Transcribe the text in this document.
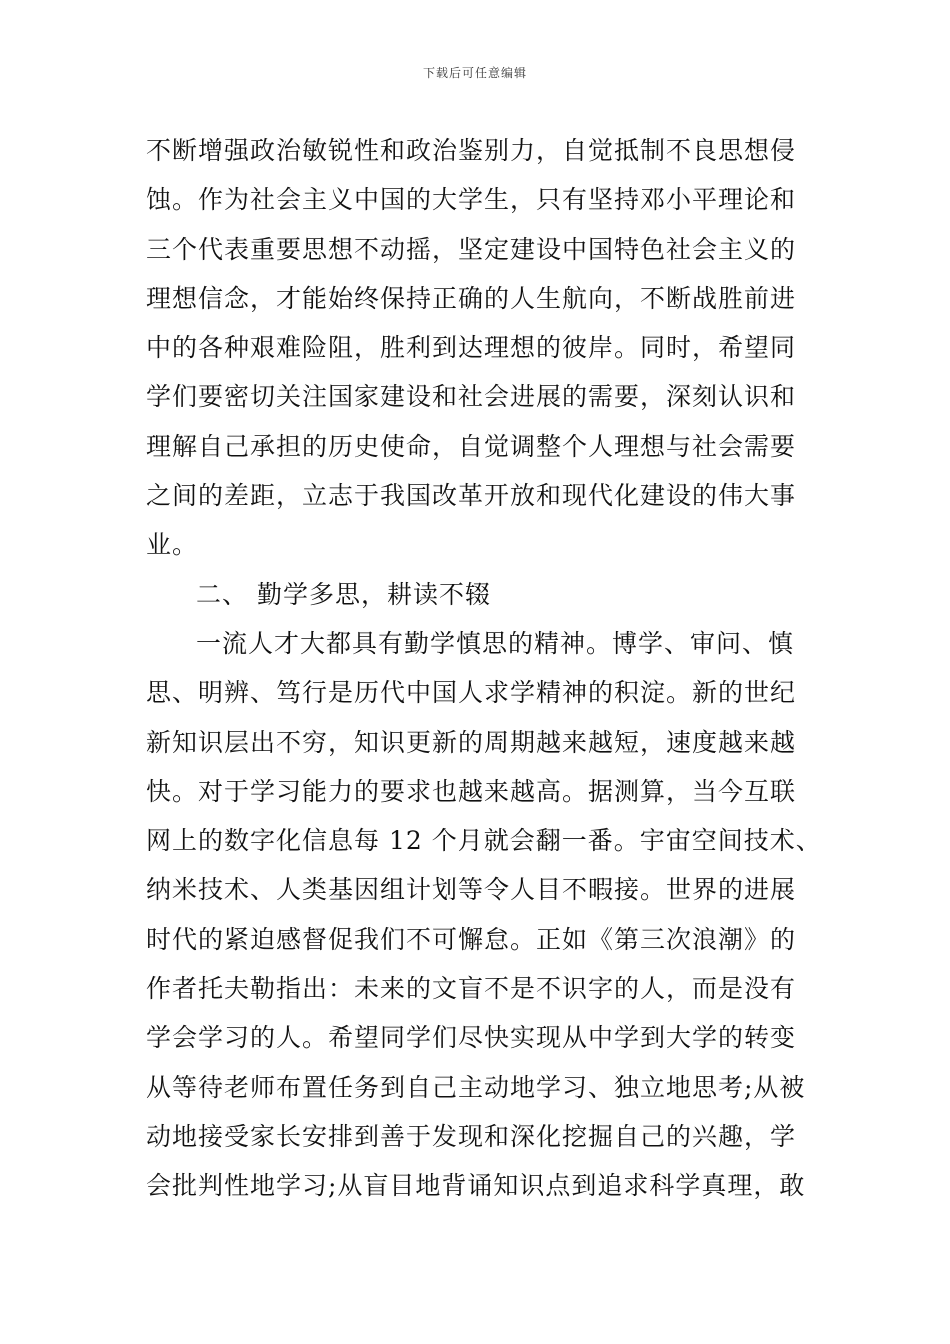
下载后可任意编辑
不断增强政治敏锐性和政治鉴别力，自觉抵制不良思想侵
蚀。作为社会主义中国的大学生，只有坚持邓小平理论和
三个代表重要思想不动摇，坚定建设中国特色社会主义的
理想信念，才能始终保持正确的人生航向，不断战胜前进
中的各种艰难险阻，胜利到达理想的彼岸。同时，希望同
学们要密切关注国家建设和社会进展的需要，深刻认识和
理解自己承担的历史使命，自觉调整个人理想与社会需要
之间的差距，立志于我国改革开放和现代化建设的伟大事
业。
二、 勤学多思，耕读不辍
一流人才大都具有勤学慎思的精神。博学、审问、慎
思、明辨、笃行是历代中国人求学精神的积淀。新的世纪
新知识层出不穷，知识更新的周期越来越短，速度越来越
快。对于学习能力的要求也越来越高。据测算，当今互联
网上的数字化信息每 12 个月就会翻一番。宇宙空间技术、
纳米技术、人类基因组计划等令人目不暇接。世界的进展
时代的紧迫感督促我们不可懈怠。正如《第三次浪潮》的
作者托夫勒指出：未来的文盲不是不识字的人，而是没有
学会学习的人。希望同学们尽快实现从中学到大学的转变
从等待老师布置任务到自己主动地学习、独立地思考;从被
动地接受家长安排到善于发现和深化挖掘自己的兴趣，学
会批判性地学习;从盲目地背诵知识点到追求科学真理，敢
